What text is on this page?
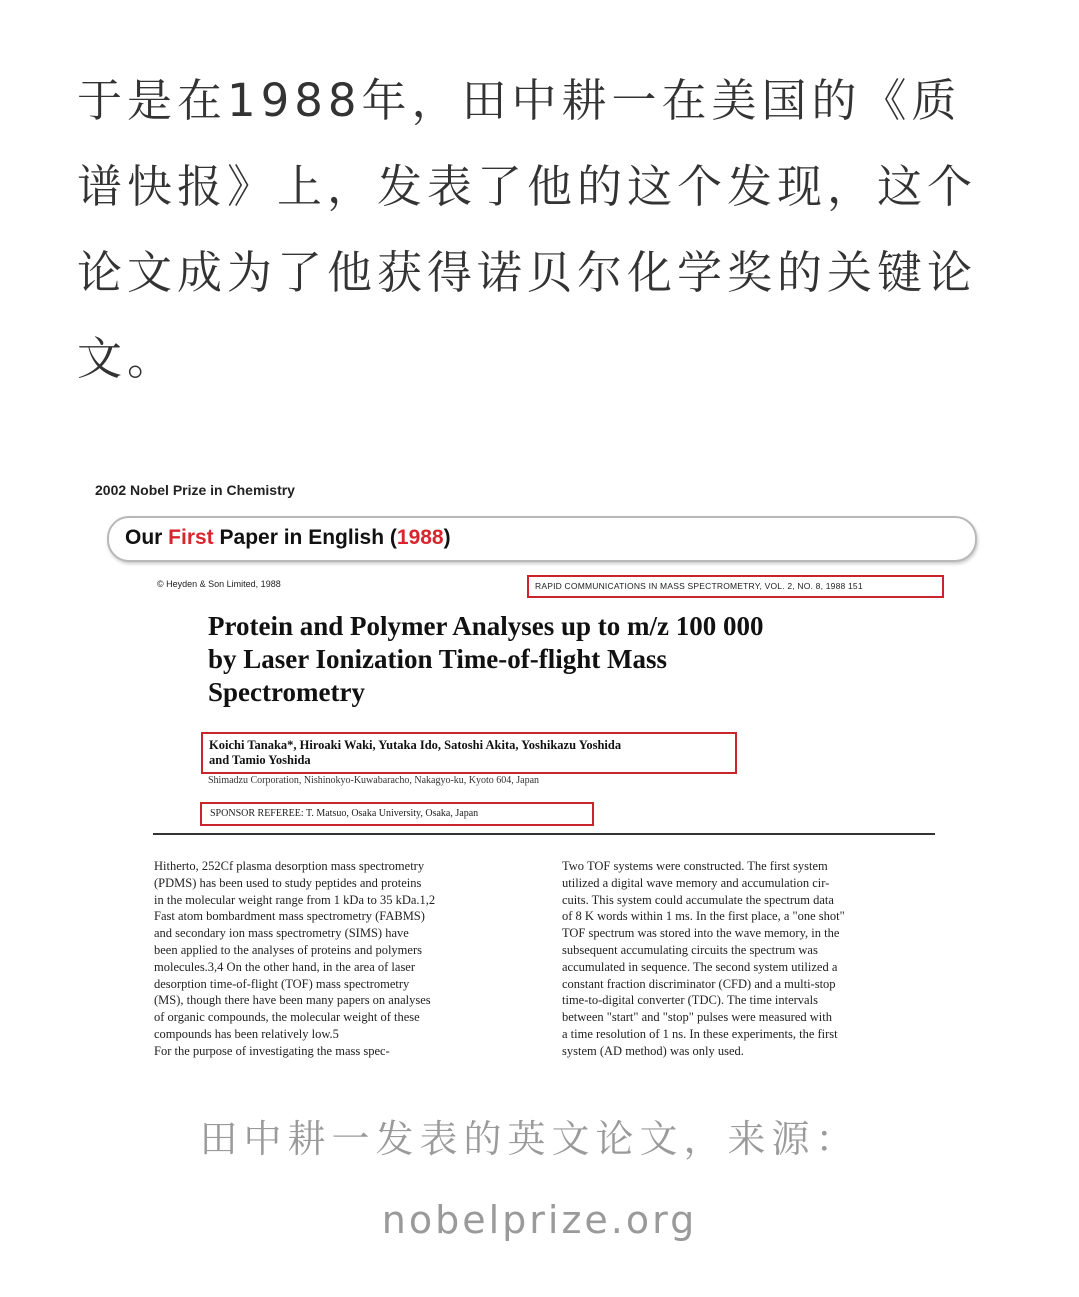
于是在1988年，田中耕一在美国的《质
谱快报》上，发表了他的这个发现，这个
论文成为了他获得诺贝尔化学奖的关键论
文。
2002 Nobel Prize in Chemistry
Our First Paper in English (1988)
© Heyden & Son Limited, 1988	RAPID COMMUNICATIONS IN MASS SPECTROMETRY, VOL. 2, NO. 8, 1988 151
Protein and Polymer Analyses up to m/z 100 000
by Laser Ionization Time-of-flight Mass
Spectrometry
Koichi Tanaka*, Hiroaki Waki, Yutaka Ido, Satoshi Akita, Yoshikazu Yoshida
and Tamio Yoshida
Shimadzu Corporation, Nishinokyo-Kuwabaracho, Nakagyo-ku, Kyoto 604, Japan
SPONSOR REFEREE: T. Matsuo, Osaka University, Osaka, Japan
Hitherto, 252Cf plasma desorption mass spectrometry
(PDMS) has been used to study peptides and proteins
in the molecular weight range from 1 kDa to 35 kDa.1,2
Fast atom bombardment mass spectrometry (FABMS)
and secondary ion mass spectrometry (SIMS) have
been applied to the analyses of proteins and polymers
molecules.3,4 On the other hand, in the area of laser
desorption time-of-flight (TOF) mass spectrometry
(MS), though there have been many papers on analyses
of organic compounds, the molecular weight of these
compounds has been relatively low.5
For the purpose of investigating the mass spec-
Two TOF systems were constructed. The first system
utilized a digital wave memory and accumulation cir-
cuits. This system could accumulate the spectrum data
of 8 K words within 1 ms. In the first place, a "one shot"
TOF spectrum was stored into the wave memory, in the
subsequent accumulating circuits the spectrum was
accumulated in sequence. The second system utilized a
constant fraction discriminator (CFD) and a multi-stop
time-to-digital converter (TDC). The time intervals
between "start" and "stop" pulses were measured with
a time resolution of 1 ns. In these experiments, the first
system (AD method) was only used.
田中耕一发表的英文论文，来源：
nobelprize.org
